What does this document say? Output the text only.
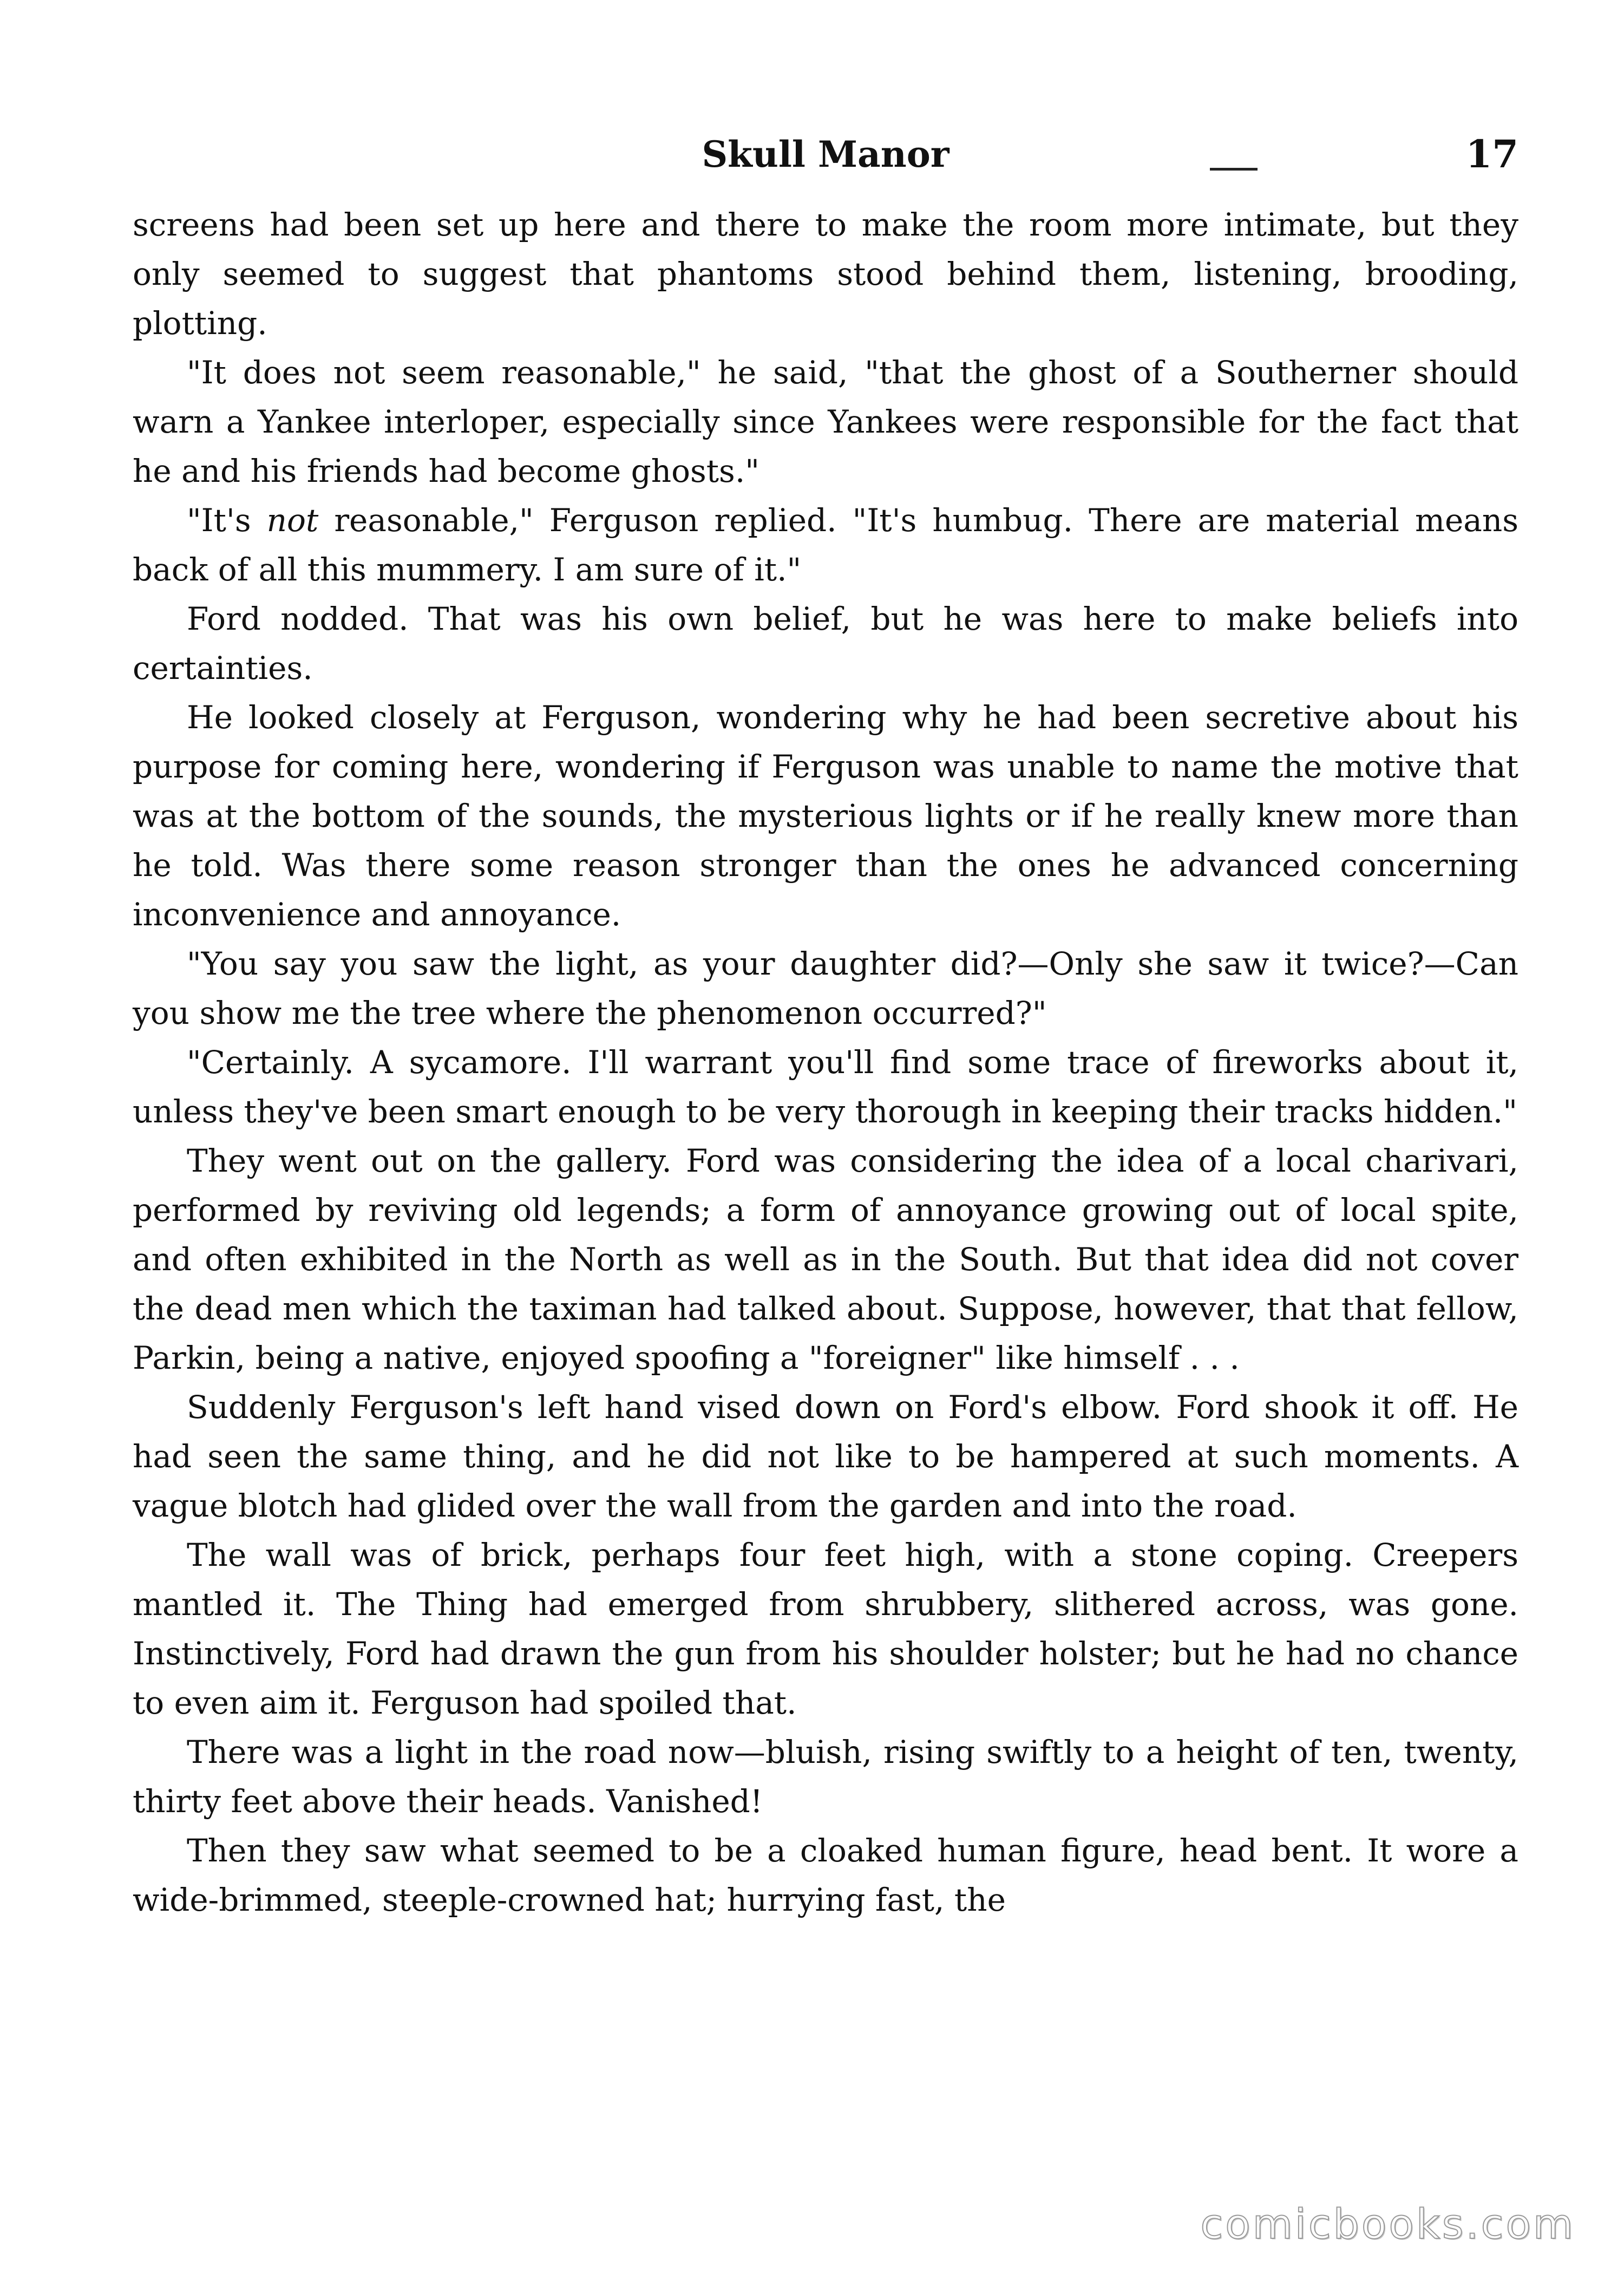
Skull Manor	17

screens had been set up here and there to make the room more intimate, but they only seemed to suggest that phantoms stood behind them, listening, brooding, plotting.

"It does not seem reasonable," he said, "that the ghost of a Southerner should warn a Yankee interloper, especially since Yankees were responsible for the fact that he and his friends had become ghosts."

"It's not reasonable," Ferguson replied. "It's humbug. There are material means back of all this mummery. I am sure of it."

Ford nodded. That was his own belief, but he was here to make beliefs into certainties.

He looked closely at Ferguson, wondering why he had been secretive about his purpose for coming here, wondering if Ferguson was unable to name the motive that was at the bottom of the sounds, the mysterious lights or if he really knew more than he told. Was there some reason stronger than the ones he advanced concerning inconvenience and annoyance.

"You say you saw the light, as your daughter did?—Only she saw it twice?—Can you show me the tree where the phenomenon occurred?"

"Certainly. A sycamore. I'll warrant you'll find some trace of fireworks about it, unless they've been smart enough to be very thorough in keeping their tracks hidden."

They went out on the gallery. Ford was considering the idea of a local charivari, performed by reviving old legends; a form of annoyance growing out of local spite, and often exhibited in the North as well as in the South. But that idea did not cover the dead men which the taximan had talked about. Suppose, however, that that fellow, Parkin, being a native, enjoyed spoofing a "foreigner" like himself . . .

Suddenly Ferguson's left hand vised down on Ford's elbow. Ford shook it off. He had seen the same thing, and he did not like to be hampered at such moments. A vague blotch had glided over the wall from the garden and into the road.

The wall was of brick, perhaps four feet high, with a stone coping. Creepers mantled it. The Thing had emerged from shrubbery, slithered across, was gone. Instinctively, Ford had drawn the gun from his shoulder holster; but he had no chance to even aim it. Ferguson had spoiled that.

There was a light in the road now—bluish, rising swiftly to a height of ten, twenty, thirty feet above their heads. Vanished!

Then they saw what seemed to be a cloaked human figure, head bent. It wore a wide-brimmed, steeple-crowned hat; hurrying fast, the

comicbooks.com
